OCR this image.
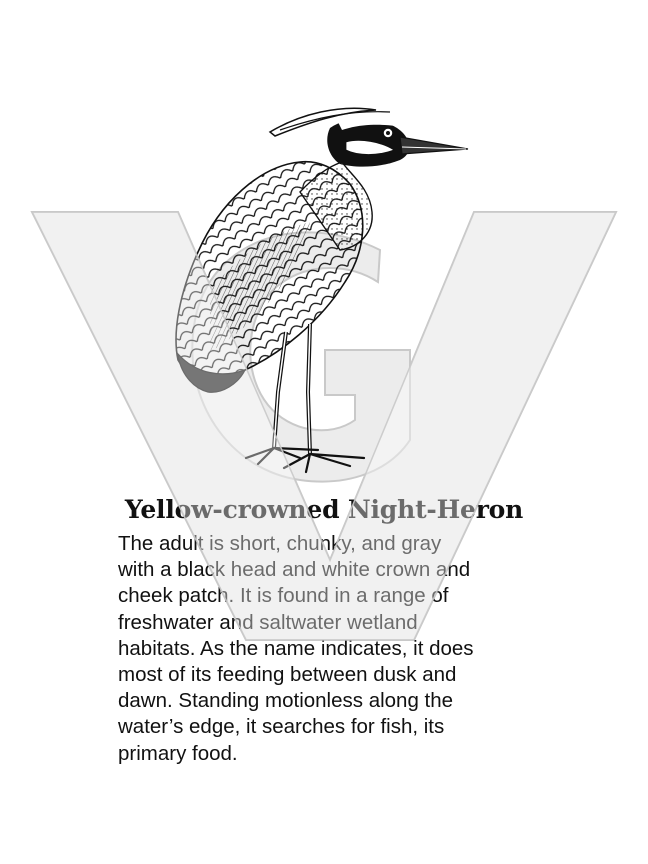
Yellow-crowned Night-Heron

The adult is short, chunky, and gray
with a black head and white crown and
cheek patch. It is found in a range of
freshwater and saltwater wetland
habitats. As the name indicates, it does
most of its feeding between dusk and
dawn. Standing motionless along the
water’s edge, it searches for fish, its
primary food.
